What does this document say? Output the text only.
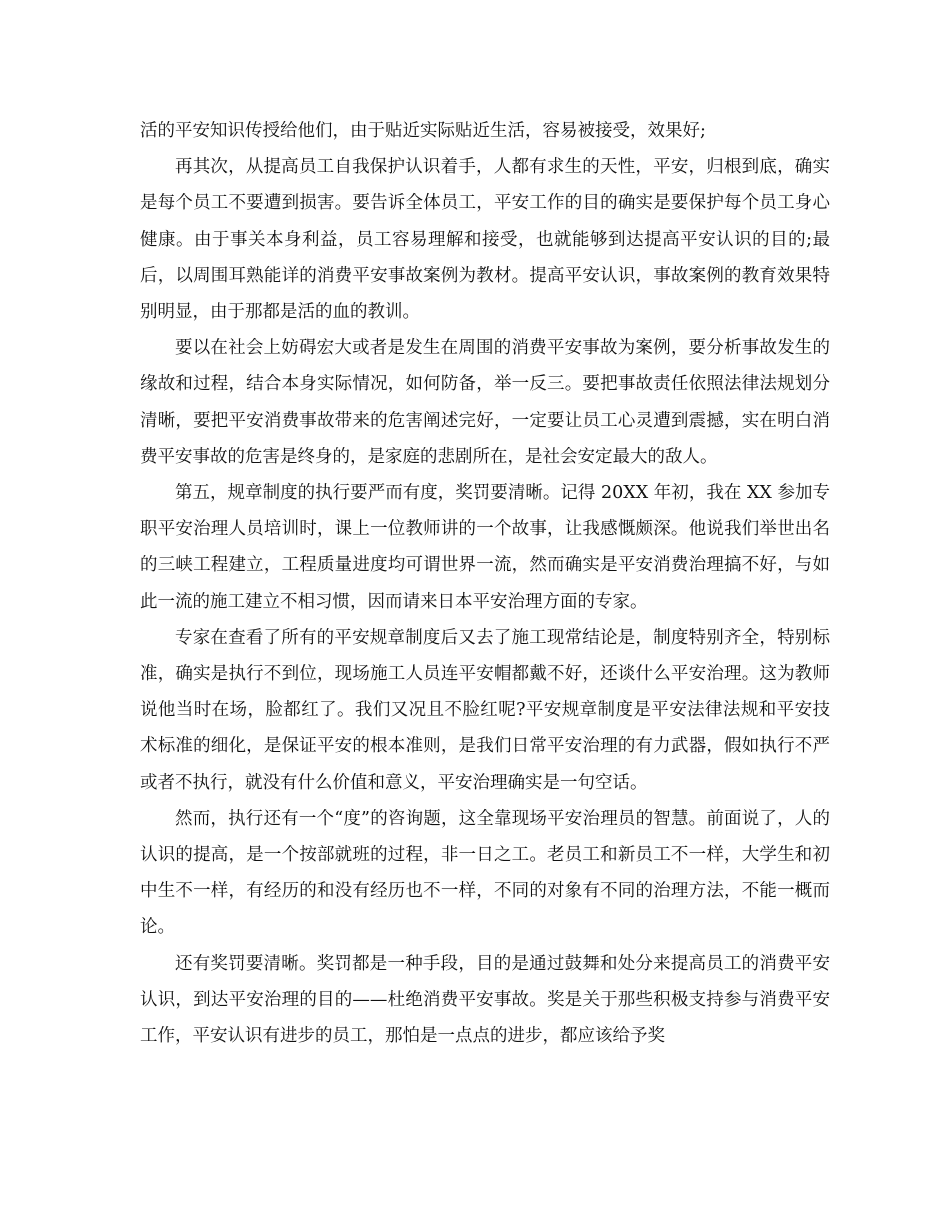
活的平安知识传授给他们，由于贴近实际贴近生活，容易被接受，效果好;

再其次，从提高员工自我保护认识着手，人都有求生的天性，平安，归根到底，确实是每个员工不要遭到损害。要告诉全体员工，平安工作的目的确实是要保护每个员工身心健康。由于事关本身利益，员工容易理解和接受，也就能够到达提高平安认识的目的;最后，以周围耳熟能详的消费平安事故案例为教材。提高平安认识，事故案例的教育效果特别明显，由于那都是活的血的教训。

要以在社会上妨碍宏大或者是发生在周围的消费平安事故为案例，要分析事故发生的缘故和过程，结合本身实际情况，如何防备，举一反三。要把事故责任依照法律法规划分清晰，要把平安消费事故带来的危害阐述完好，一定要让员工心灵遭到震撼，实在明白消费平安事故的危害是终身的，是家庭的悲剧所在，是社会安定最大的敌人。

第五，规章制度的执行要严而有度，奖罚要清晰。记得 20XX 年初，我在 XX 参加专职平安治理人员培训时，课上一位教师讲的一个故事，让我感慨颇深。他说我们举世出名的三峡工程建立，工程质量进度均可谓世界一流，然而确实是平安消费治理搞不好，与如此一流的施工建立不相习惯，因而请来日本平安治理方面的专家。

专家在查看了所有的平安规章制度后又去了施工现常结论是，制度特别齐全，特别标准，确实是执行不到位，现场施工人员连平安帽都戴不好，还谈什么平安治理。这为教师说他当时在场，脸都红了。我们又况且不脸红呢?平安规章制度是平安法律法规和平安技术标准的细化，是保证平安的根本准则，是我们日常平安治理的有力武器，假如执行不严或者不执行，就没有什么价值和意义，平安治理确实是一句空话。

然而，执行还有一个“度”的咨询题，这全靠现场平安治理员的智慧。前面说了，人的认识的提高，是一个按部就班的过程，非一日之工。老员工和新员工不一样，大学生和初中生不一样，有经历的和没有经历也不一样，不同的对象有不同的治理方法，不能一概而论。

还有奖罚要清晰。奖罚都是一种手段，目的是通过鼓舞和处分来提高员工的消费平安认识，到达平安治理的目的——杜绝消费平安事故。奖是关于那些积极支持参与消费平安工作，平安认识有进步的员工，那怕是一点点的进步，都应该给予奖
